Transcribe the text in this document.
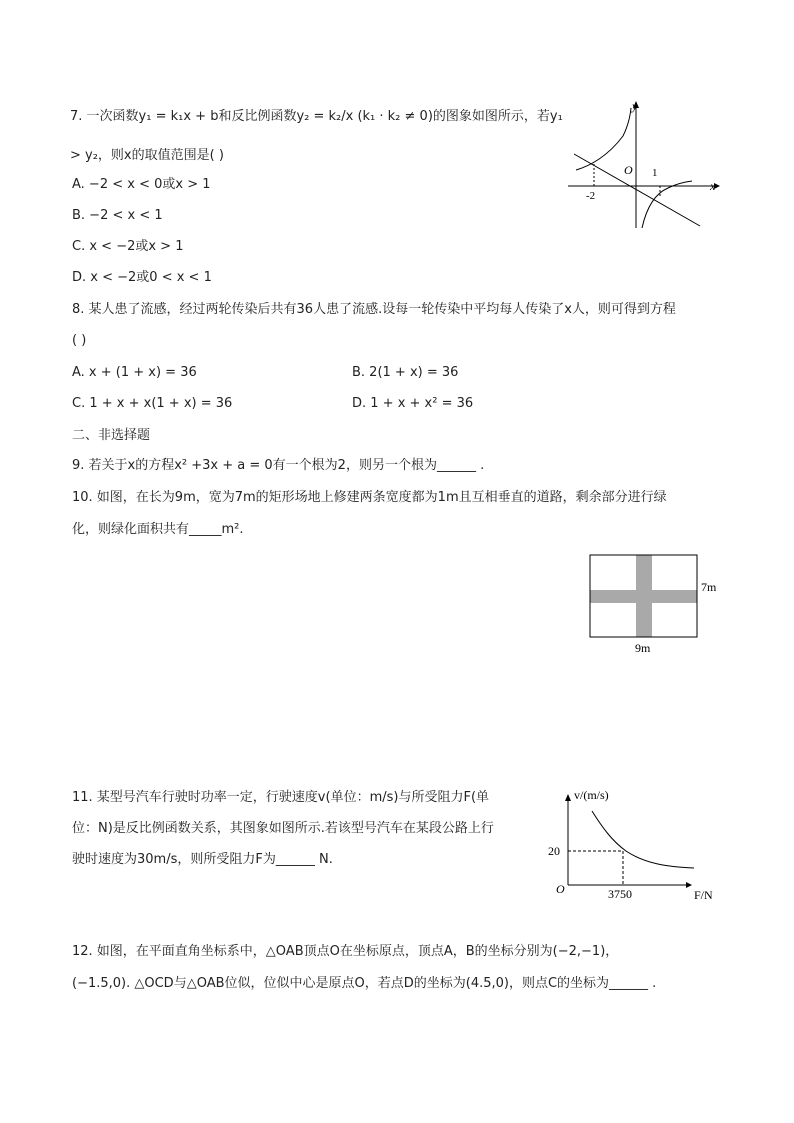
7. 一次函数y₁ = k₁x + b和反比例函数y₂ = k₂/x (k₁ · k₂ ≠ 0)的图象如图所示，若y₁
> y₂，则x的取值范围是( )
A. −2 < x < 0或x > 1
B. −2 < x < 1
C. x < −2或x > 1
D. x < −2或0 < x < 1
y
x
O
-2
1
8. 某人患了流感，经过两轮传染后共有36人患了流感.设每一轮传染中平均每人传染了x人，则可得到方程
( )
A. x + (1 + x) = 36	B. 2(1 + x) = 36
C. 1 + x + x(1 + x) = 36	D. 1 + x + x² = 36
二、非选择题
9. 若关于x的方程x² +3x + a = 0有一个根为2，则另一个根为______ .
10. 如图，在长为9m，宽为7m的矩形场地上修建两条宽度都为1m且互相垂直的道路，剩余部分进行绿
化，则绿化面积共有_____m².
7m
9m
11. 某型号汽车行驶时功率一定，行驶速度v(单位：m/s)与所受阻力F(单
位：N)是反比例函数关系，其图象如图所示.若该型号汽车在某段公路上行
驶时速度为30m/s，则所受阻力F为______ N.
v/(m/s)
F/N
O
20
3750
12. 如图，在平面直角坐标系中，△OAB顶点O在坐标原点，顶点A，B的坐标分别为(−2,−1)，
(−1.5,0). △OCD与△OAB位似，位似中心是原点O，若点D的坐标为(4.5,0)，则点C的坐标为______ .
